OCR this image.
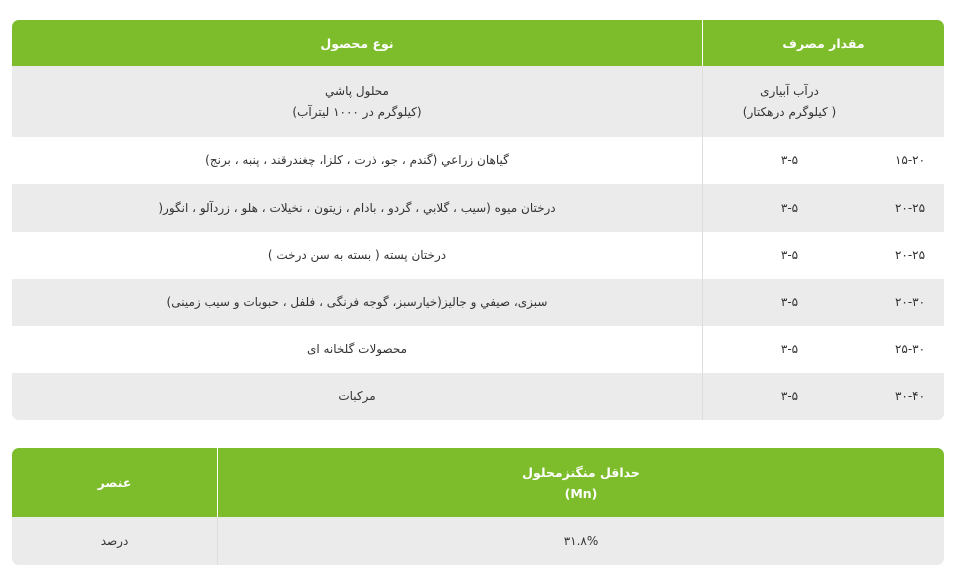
مقدار مصرف
نوع محصول
درآب آبیاری
( کیلوگرم درهکتار)
محلول پاشي
(کیلوگرم در ۱۰۰۰ لیترآب)
۱۵-۲۰
۳-۵
گیاهان زراعي (گندم ، جو، ذرت ، کلزا، چغندرقند ، پنبه ، برنج)
۲۰-۲۵
۳-۵
درختان میوه (سیب ، گلابي ، گردو ، بادام ، زیتون ، نخیلات ، هلو ، زردآلو ، انگور(
۲۰-۲۵
۳-۵
درختان پسته ( بسته به سن درخت )
۲۰-۳۰
۳-۵
سبزی، صیفي و جالیز(خیارسبز، گوجه فرنگی ، فلفل ، حبوبات و سیب زمینی)
۲۵-۳۰
۳-۵
محصولات گلخانه ای
۳۰-۴۰
۳-۵
مرکبات
حداقل منگنزمحلول
(Mn)
عنصر
۳۱.۸%
درصد
